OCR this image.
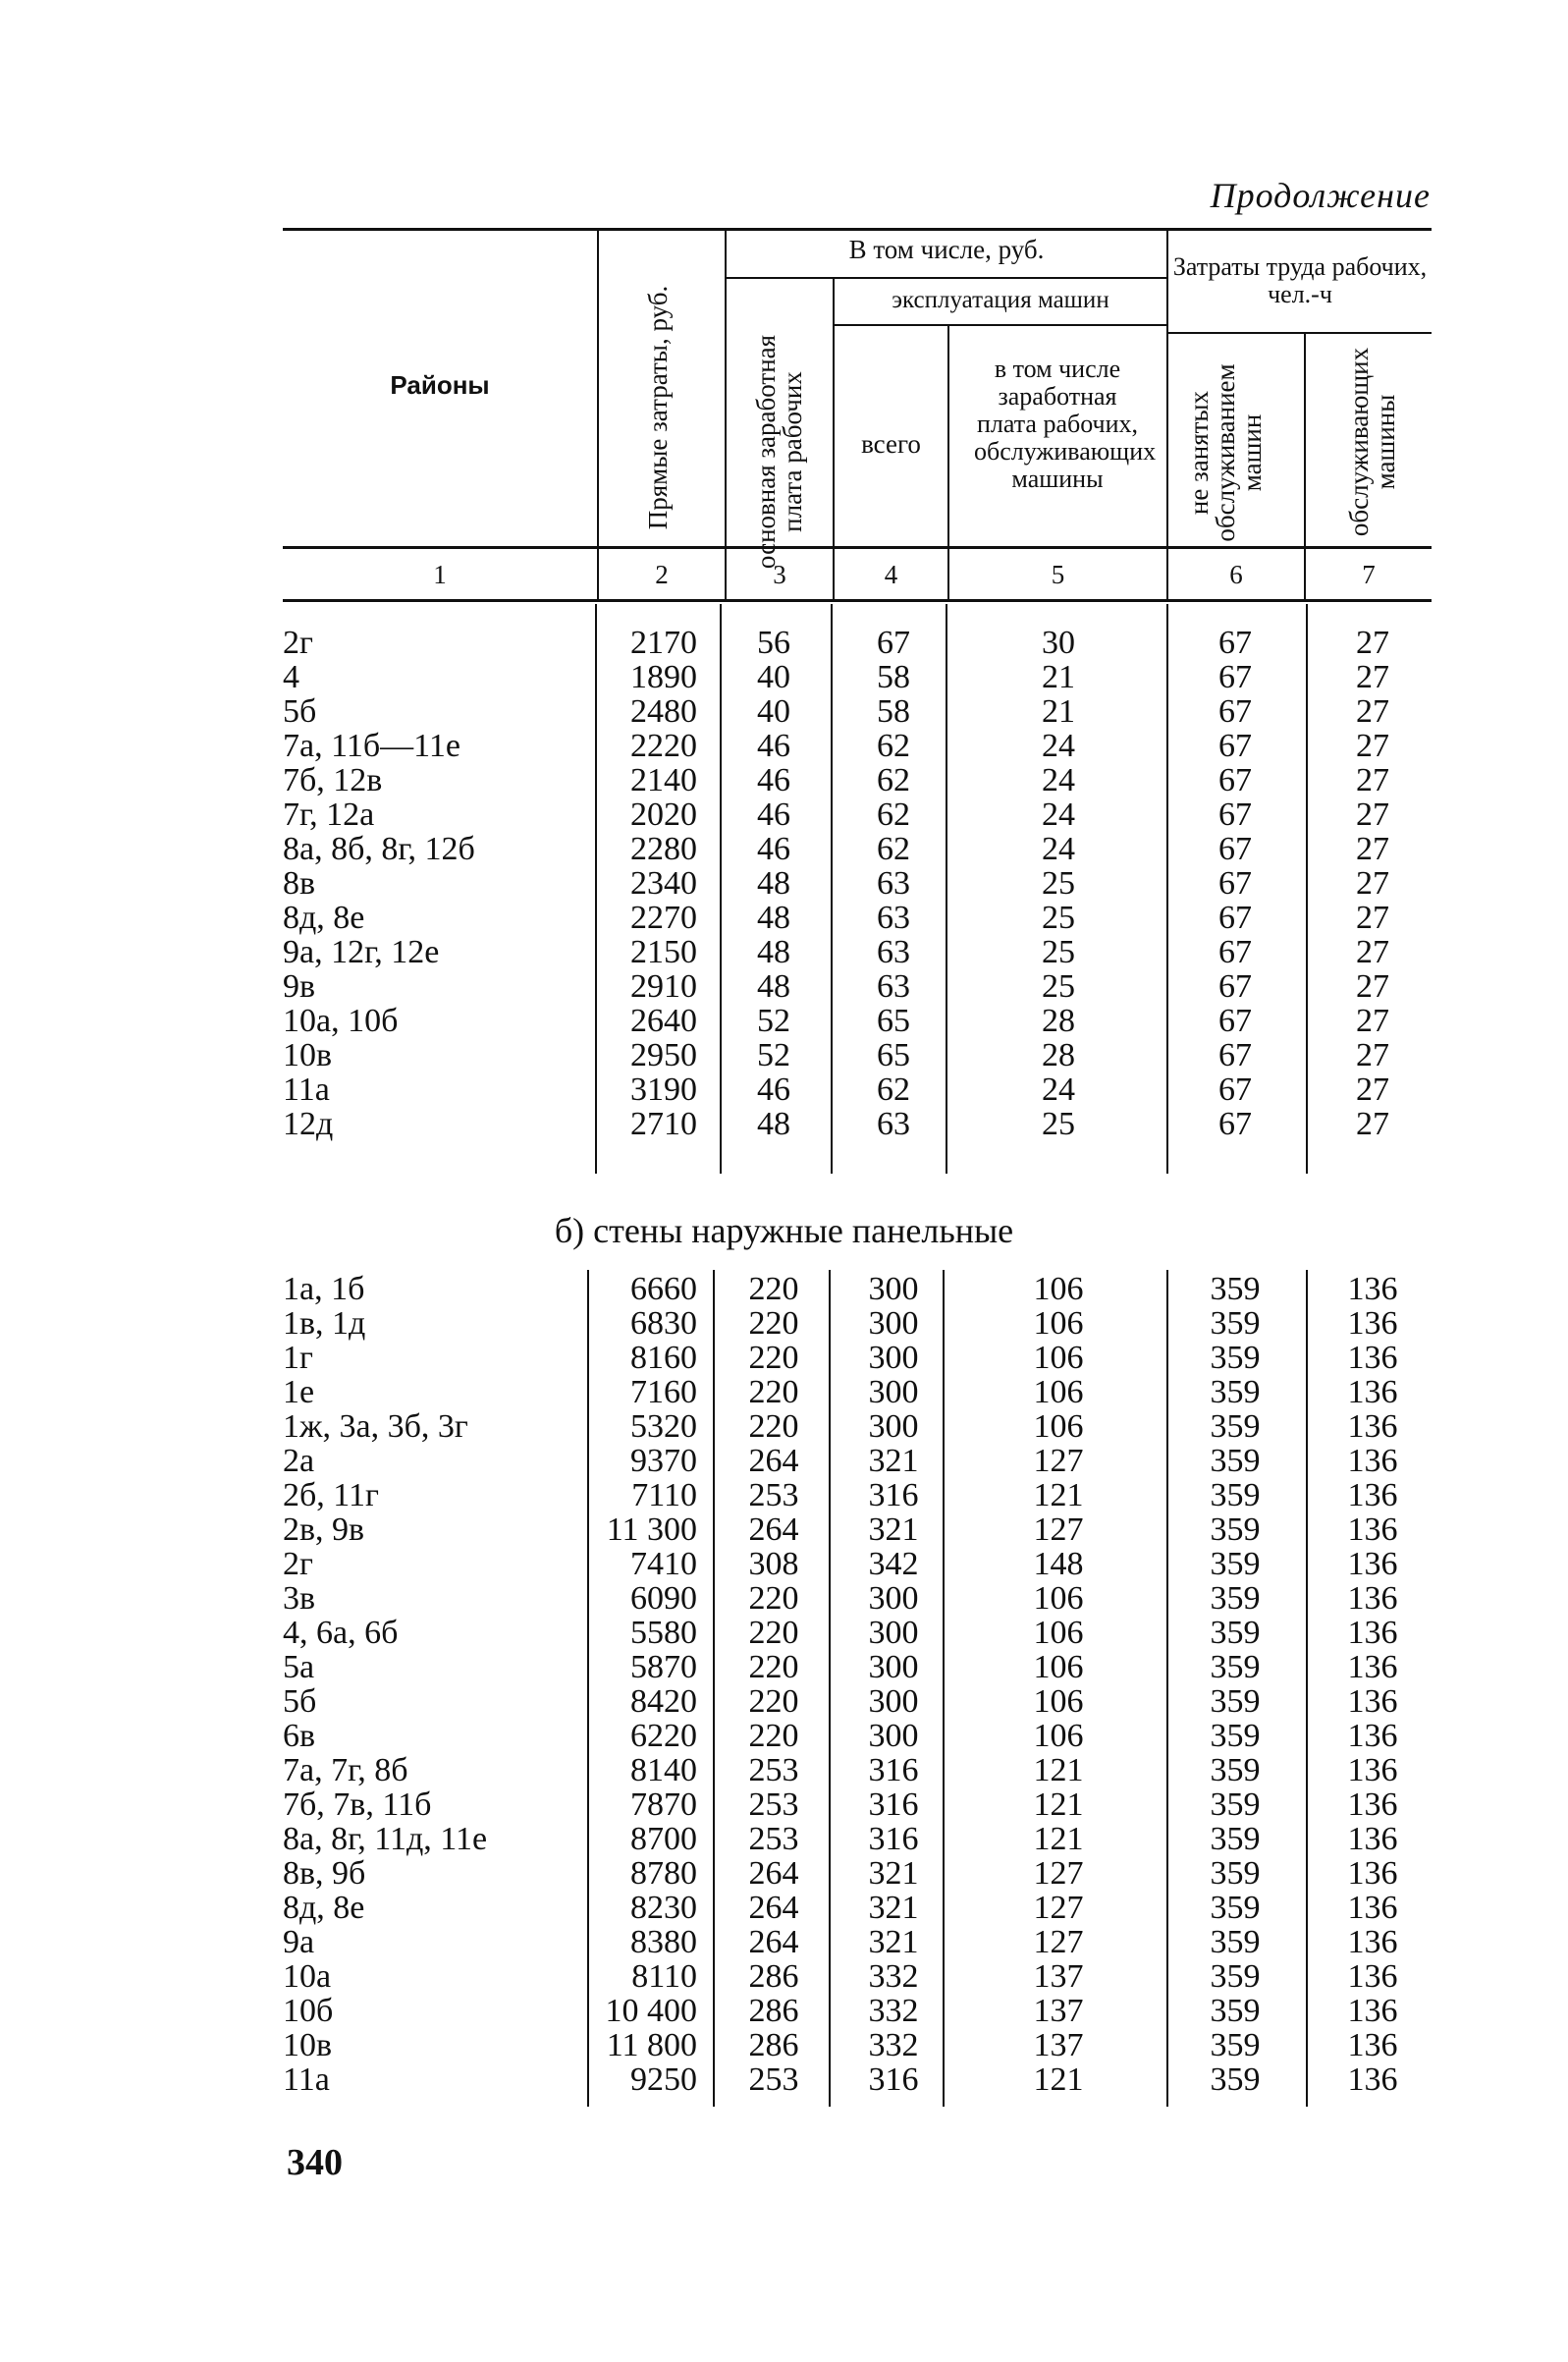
Продолжение
Районы	Прямые затраты, руб.
В том числе, руб.
основная заработная плата рабочих
эксплуатация машин
всего
в том числе заработная плата рабочих, обслуживающих машины
Затраты труда рабочих, чел.-ч
не занятых обслуживанием машин	обслуживающих машины
1	2	3	4	5	6	7
2г	2170	56	67	30	67	27
4	1890	40	58	21	67	27
5б	2480	40	58	21	67	27
7а, 11б—11е	2220	46	62	24	67	27
7б, 12в	2140	46	62	24	67	27
7г, 12а	2020	46	62	24	67	27
8а, 8б, 8г, 12б	2280	46	62	24	67	27
8в	2340	48	63	25	67	27
8д, 8е	2270	48	63	25	67	27
9а, 12г, 12е	2150	48	63	25	67	27
9в	2910	48	63	25	67	27
10а, 10б	2640	52	65	28	67	27
10в	2950	52	65	28	67	27
11а	3190	46	62	24	67	27
12д	2710	48	63	25	67	27
б) стены наружные панельные
1а, 1б	6660	220	300	106	359	136
1в, 1д	6830	220	300	106	359	136
1г	8160	220	300	106	359	136
1е	7160	220	300	106	359	136
1ж, 3а, 3б, 3г	5320	220	300	106	359	136
2а	9370	264	321	127	359	136
2б, 11г	7110	253	316	121	359	136
2в, 9в	11 300	264	321	127	359	136
2г	7410	308	342	148	359	136
3в	6090	220	300	106	359	136
4, 6а, 6б	5580	220	300	106	359	136
5а	5870	220	300	106	359	136
5б	8420	220	300	106	359	136
6в	6220	220	300	106	359	136
7а, 7г, 8б	8140	253	316	121	359	136
7б, 7в, 11б	7870	253	316	121	359	136
8а, 8г, 11д, 11е	8700	253	316	121	359	136
8в, 9б	8780	264	321	127	359	136
8д, 8е	8230	264	321	127	359	136
9а	8380	264	321	127	359	136
10а	8110	286	332	137	359	136
10б	10 400	286	332	137	359	136
10в	11 800	286	332	137	359	136
11а	9250	253	316	121	359	136
340
